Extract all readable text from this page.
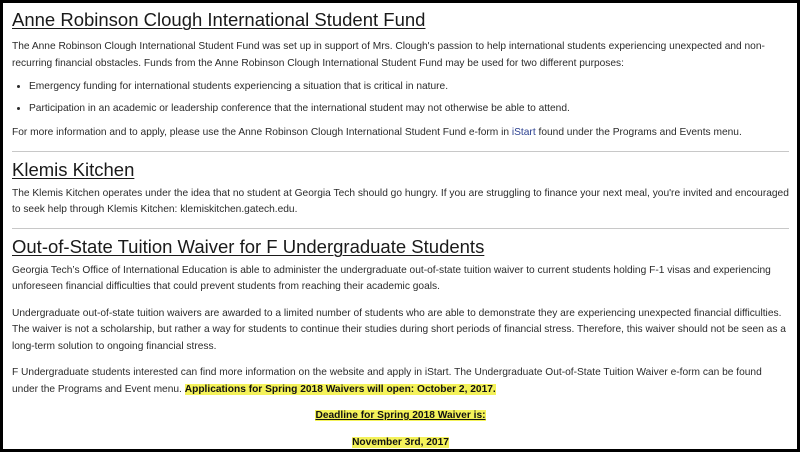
Anne Robinson Clough International Student Fund

The Anne Robinson Clough International Student Fund was set up in support of Mrs. Clough's passion to help international students experiencing unexpected and non-recurring financial obstacles. Funds from the Anne Robinson Clough International Student Fund may be used for two different purposes:

• Emergency funding for international students experiencing a situation that is critical in nature.
• Participation in an academic or leadership conference that the international student may not otherwise be able to attend.

For more information and to apply, please use the Anne Robinson Clough International Student Fund e-form in iStart found under the Programs and Events menu.

Klemis Kitchen

The Klemis Kitchen operates under the idea that no student at Georgia Tech should go hungry. If you are struggling to finance your next meal, you're invited and encouraged to seek help through Klemis Kitchen: klemiskitchen.gatech.edu.

Out-of-State Tuition Waiver for F Undergraduate Students

Georgia Tech’s Office of International Education is able to administer the undergraduate out-of-state tuition waiver to current students holding F-1 visas and experiencing unforeseen financial difficulties that could prevent students from reaching their academic goals.

Undergraduate out-of-state tuition waivers are awarded to a limited number of students who are able to demonstrate they are experiencing unexpected financial difficulties. The waiver is not a scholarship, but rather a way for students to continue their studies during short periods of financial stress. Therefore, this waiver should not be seen as a long-term solution to ongoing financial stress.

F Undergraduate students interested can find more information on the website and apply in iStart. The Undergraduate Out-of-State Tuition Waiver e-form can be found under the Programs and Event menu. Applications for Spring 2018 Waivers will open: October 2, 2017.

Deadline for Spring 2018 Waiver is:

November 3rd, 2017
